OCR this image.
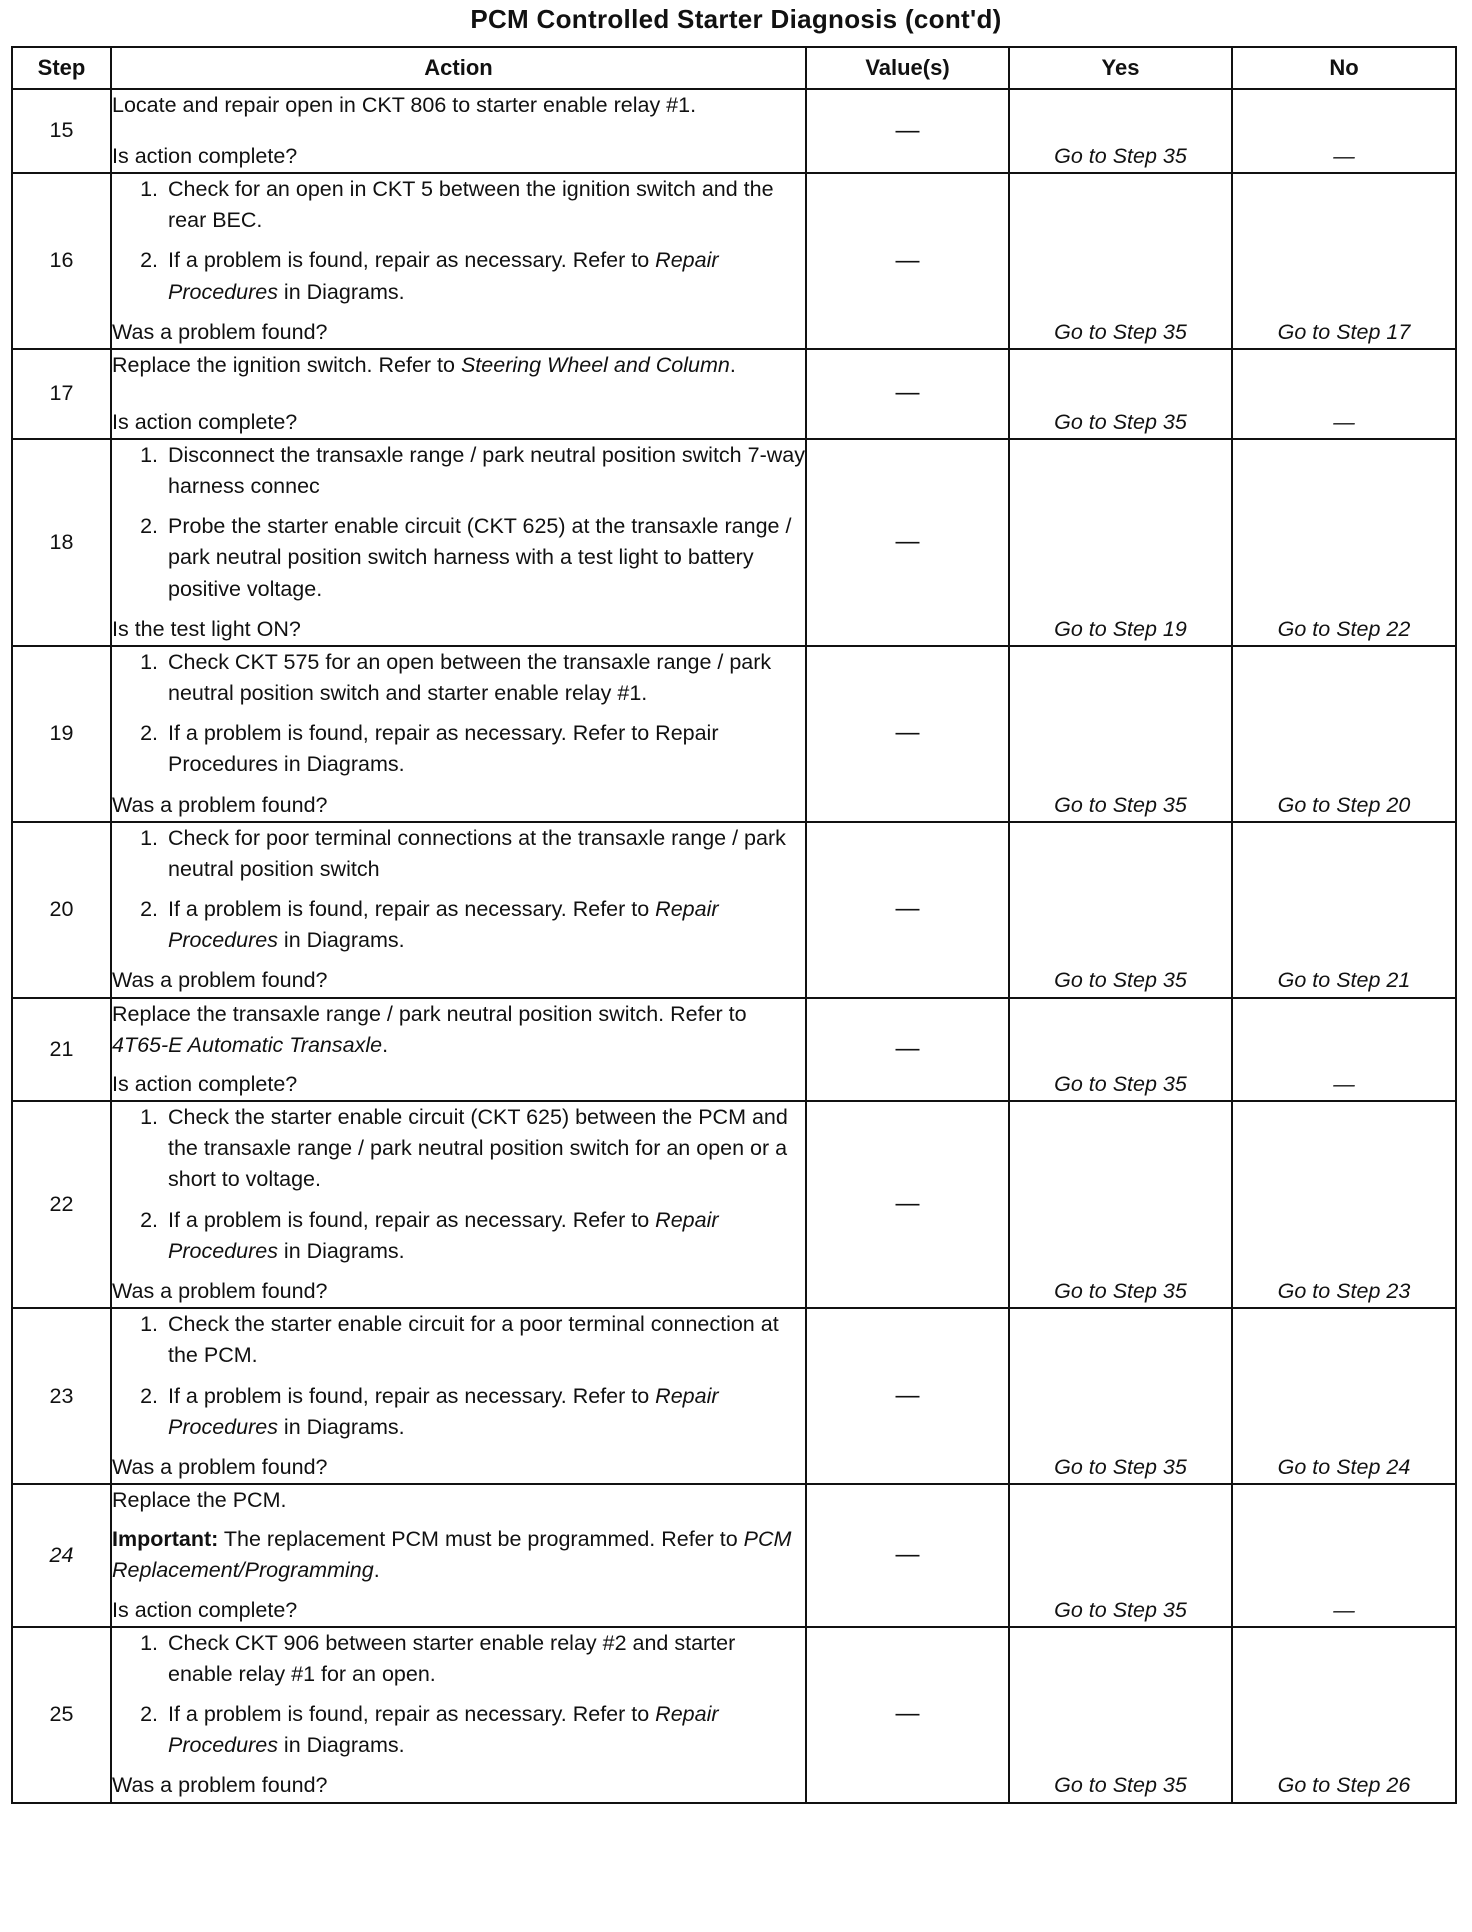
PCM Controlled Starter Diagnosis (cont'd)
Step	Action	Value(s)	Yes	No
15	Locate and repair open in CKT 806 to starter enable relay #1.
Is action complete?	—	Go to Step 35	—
16	1. Check for an open in CKT 5 between the ignition switch and the rear BEC.
2. If a problem is found, repair as necessary. Refer to Repair Procedures in Diagrams.
Was a problem found?	—	Go to Step 35	Go to Step 17
17	Replace the ignition switch. Refer to Steering Wheel and Column.
Is action complete?	—	Go to Step 35	—
18	1. Disconnect the transaxle range / park neutral position switch 7-way harness connec
2. Probe the starter enable circuit (CKT 625) at the transaxle range / park neutral position switch harness with a test light to battery positive voltage.
Is the test light ON?	—	Go to Step 19	Go to Step 22
19	1. Check CKT 575 for an open between the transaxle range / park neutral position switch and starter enable relay #1.
2. If a problem is found, repair as necessary. Refer to Repair Procedures in Diagrams.
Was a problem found?	—	Go to Step 35	Go to Step 20
20	1. Check for poor terminal connections at the transaxle range / park neutral position switch
2. If a problem is found, repair as necessary. Refer to Repair Procedures in Diagrams.
Was a problem found?	—	Go to Step 35	Go to Step 21
21	Replace the transaxle range / park neutral position switch. Refer to 4T65-E Automatic Transaxle.
Is action complete?	—	Go to Step 35	—
22	1. Check the starter enable circuit (CKT 625) between the PCM and the transaxle range / park neutral position switch for an open or a short to voltage.
2. If a problem is found, repair as necessary. Refer to Repair Procedures in Diagrams.
Was a problem found?	—	Go to Step 35	Go to Step 23
23	1. Check the starter enable circuit for a poor terminal connection at the PCM.
2. If a problem is found, repair as necessary. Refer to Repair Procedures in Diagrams.
Was a problem found?	—	Go to Step 35	Go to Step 24
24	Replace the PCM.
Important: The replacement PCM must be programmed. Refer to PCM Replacement/Programming.
Is action complete?	—	Go to Step 35	—
25	1. Check CKT 906 between starter enable relay #2 and starter enable relay #1 for an open.
2. If a problem is found, repair as necessary. Refer to Repair Procedures in Diagrams.
Was a problem found?	—	Go to Step 35	Go to Step 26
